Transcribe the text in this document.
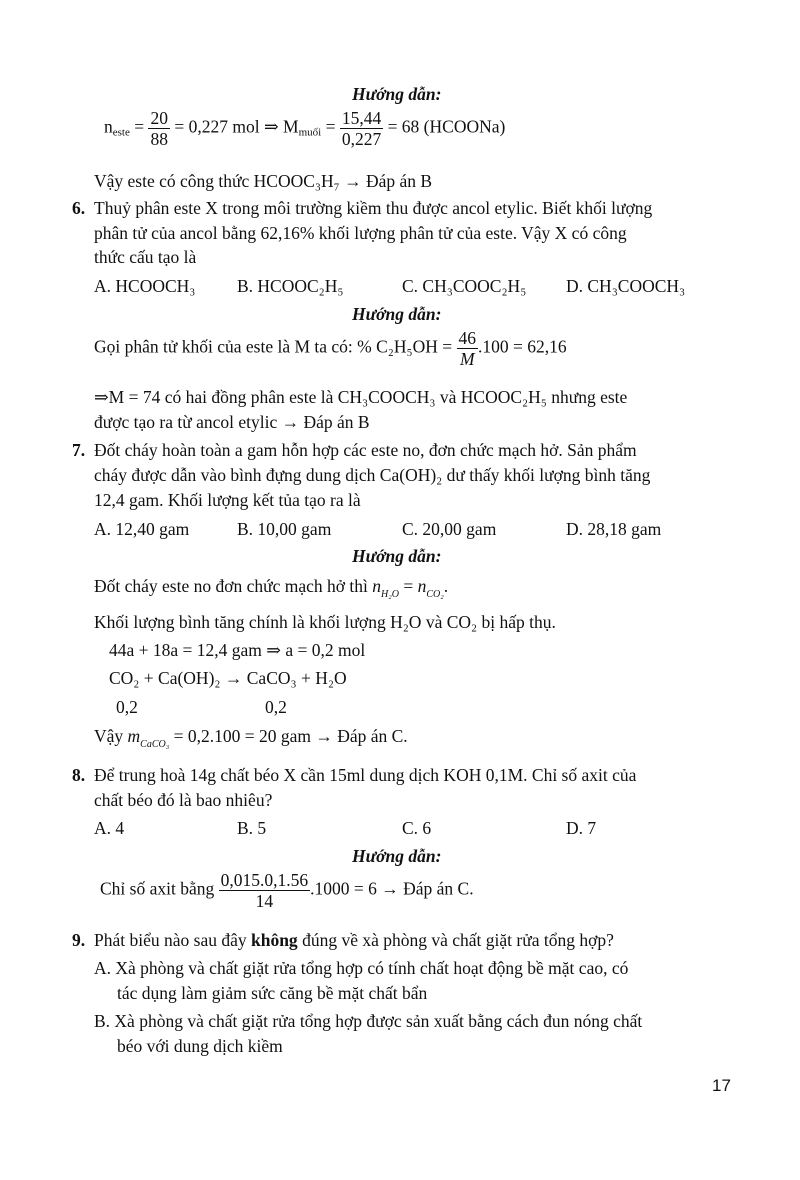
Hướng dẫn:
$n_{este} = \frac{20}{88} = 0,227$ mol ⇒ $M_{muối} = \frac{15,44}{0,227} = 68$ (HCOONa)
Vậy este có công thức HCOOC₃H₇ → Đáp án B
6. Thuỷ phân este X trong môi trường kiềm thu được ancol etylic. Biết khối lượng
phân tử của ancol bằng 62,16% khối lượng phân tử của este. Vậy X có công
thức cấu tạo là
A. HCOOCH₃ B. HCOOC₂H₅	C. CH₃COOC₂H₅ D. CH₃COOCH₃
Hướng dẫn:
Gọi phân tử khối của este là M ta có: % $C_2H_5OH = \frac{46}{M} .100 = 62,16$
⇒M = 74 có hai đồng phân este là CH₃COOCH₃ và HCOOC₂H₅ nhưng este
được tạo ra từ ancol etylic → Đáp án B
7. Đốt cháy hoàn toàn a gam hỗn hợp các este no, đơn chức mạch hở. Sản phẩm
cháy được dẫn vào bình đựng dung dịch Ca(OH)₂ dư thấy khối lượng bình tăng
12,4 gam. Khối lượng kết tủa tạo ra là
A. 12,40 gam	B. 10,00 gam	C. 20,00 gam	D. 28,18 gam
Hướng dẫn:
Đốt cháy este no đơn chức mạch hở thì $n_{H_2O} = n_{CO_2}$.
Khối lượng bình tăng chính là khối lượng H₂O và CO₂ bị hấp thụ.
44a + 18a = 12,4 gam ⇒ a = 0,2 mol
CO₂ + Ca(OH)₂ → CaCO₃ + H₂O
0,2	0,2
Vậy $m_{CaCO_3} = 0,2.100 = 20$ gam → Đáp án C.
8. Để trung hoà 14g chất béo X cần 15ml dung dịch KOH 0,1M. Chỉ số axit của
chất béo đó là bao nhiêu?
A. 4	B. 5	C. 6	D. 7
Hướng dẫn:
Chỉ số axit bằng $\frac{0,015.0,1.56}{14} .1000 = 6$ → Đáp án C.
9. Phát biểu nào sau đây không đúng về xà phòng và chất giặt rửa tổng hợp?
A. Xà phòng và chất giặt rửa tổng hợp có tính chất hoạt động bề mặt cao, có
tác dụng làm giảm sức căng bề mặt chất bẩn
B. Xà phòng và chất giặt rửa tổng hợp được sản xuất bằng cách đun nóng chất
béo với dung dịch kiềm
17
